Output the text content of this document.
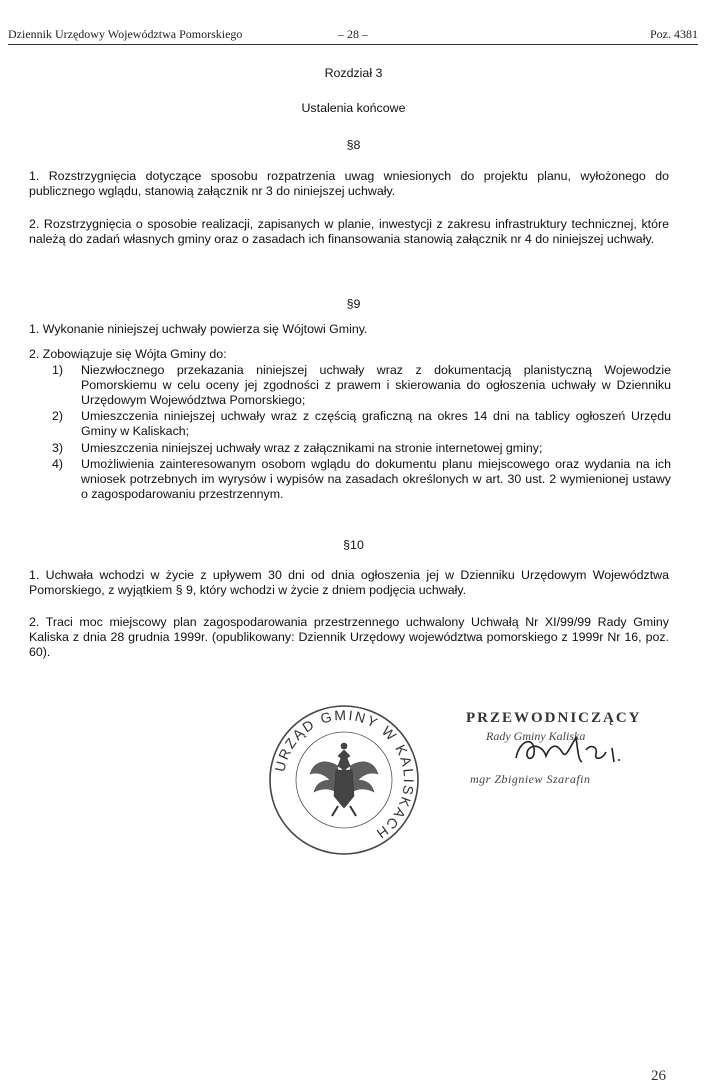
Dziennik Urzędowy Województwa Pomorskiego	– 28 –	Poz. 4381
Rozdział 3
Ustalenia końcowe
§8

1. Rozstrzygnięcia dotyczące sposobu rozpatrzenia uwag wniesionych do projektu planu, wyłożonego do publicznego wglądu, stanowią załącznik nr 3 do niniejszej uchwały.

2. Rozstrzygnięcia o sposobie realizacji, zapisanych w planie, inwestycji z zakresu infrastruktury technicznej, które należą do zadań własnych gminy oraz o zasadach ich finansowania stanowią załącznik nr 4 do niniejszej uchwały.

§9
1. Wykonanie niniejszej uchwały powierza się Wójtowi Gminy.
2. Zobowiązuje się Wójta Gminy do:
1) Niezwłocznego przekazania niniejszej uchwały wraz z dokumentacją planistyczną Wojewodzie Pomorskiemu w celu oceny jej zgodności z prawem i skierowania do ogłoszenia uchwały w Dzienniku Urzędowym Województwa Pomorskiego;
2) Umieszczenia niniejszej uchwały wraz z częścią graficzną na okres 14 dni na tablicy ogłoszeń Urzędu Gminy w Kaliskach;
3) Umieszczenia niniejszej uchwały wraz z załącznikami na stronie internetowej gminy;
4) Umożliwienia zainteresowanym osobom wglądu do dokumentu planu miejscowego oraz wydania na ich wniosek potrzebnych im wyrysów i wypisów na zasadach określonych w art. 30 ust. 2 wymienionej ustawy o zagospodarowaniu przestrzennym.
§10

1. Uchwała wchodzi w życie z upływem 30 dni od dnia ogłoszenia jej w Dzienniku Urzędowym Województwa Pomorskiego, z wyjątkiem § 9, który wchodzi w życie z dniem podjęcia uchwały.

2. Traci moc miejscowy plan zagospodarowania przestrzennego uchwalony Uchwałą Nr XI/99/99 Rady Gminy Kaliska z dnia 28 grudnia 1999r. (opublikowany: Dziennik Urzędowy województwa pomorskiego z 1999r Nr 16, poz. 60).

URZĄD GMINY W KALISKACH
PRZEWODNICZĄCY
Rady Gminy Kaliska
mgr Zbigniew Szarafin
26
